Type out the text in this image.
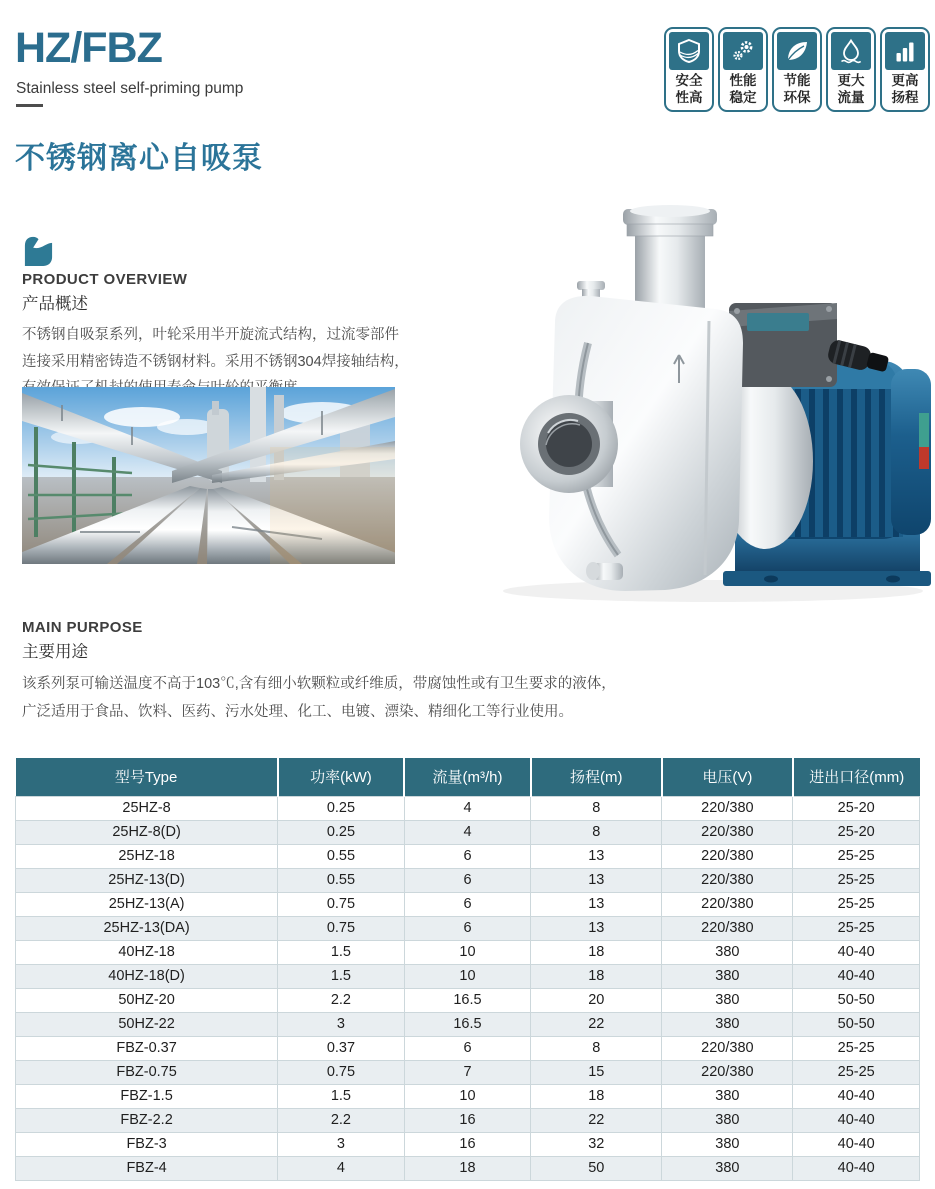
HZ/FBZ
Stainless steel self-priming pump	安全
性高
性能
稳定
节能
环保
更大
流量
更高
扬程
不锈钢离心自吸泵
PRODUCT OVERVIEW
产品概述
不锈钢自吸泵系列，叶轮采用半开旋流式结构，过流零部件
连接采用精密铸造不锈钢材料。采用不锈钢304焊接轴结构，
MAIN PURPOSE
主要用途
该系列泵可输送温度不高于103℃,含有细小软颗粒或纤维质，带腐蚀性或有卫生要求的液体，
广泛适用于食品、饮料、医药、污水处理、化工、电镀、漂染、精细化工等行业使用。
型号Type	功率(kW)	流量(m³/h)	扬程(m)	电压(V)	进出口径(mm)
25HZ-8	0.25	4	8	220/380	25-20
25HZ-8(D)	0.25	4	8	220/380	25-20
25HZ-18	0.55	6	13	220/380	25-25
25HZ-13(D)	0.55	6	13	220/380	25-25
25HZ-13(A)	0.75	6	13	220/380	25-25
25HZ-13(DA)	0.75	6	13	220/380	25-25
40HZ-18	1.5	10	18	380	40-40
40HZ-18(D)	1.5	10	18	380	40-40
50HZ-20	2.2	16.5	20	380	50-50
50HZ-22	3	16.5	22	380	50-50
FBZ-0.37	0.37	6	8	220/380	25-25
FBZ-0.75	0.75	7	15	220/380	25-25
FBZ-1.5	1.5	10	18	380	40-40
FBZ-2.2	2.2	16	22	380	40-40
FBZ-3	3	16	32	380	40-40
FBZ-4	4	18	50	380	40-40
